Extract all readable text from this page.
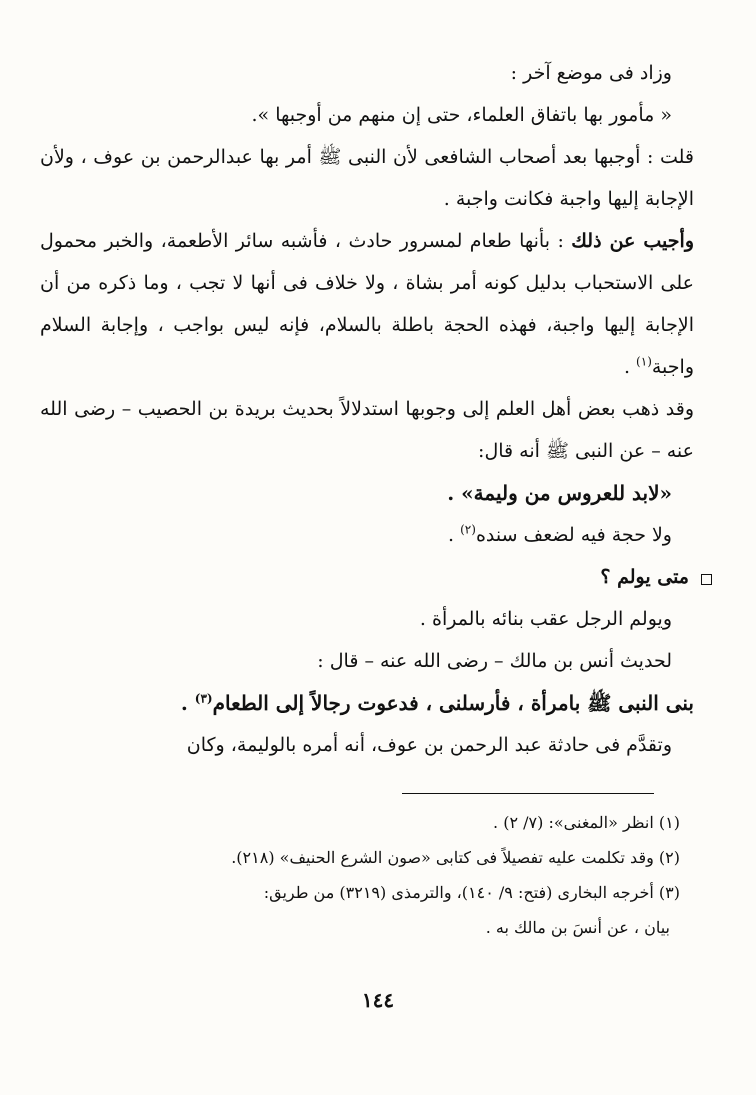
وزاد فى موضع آخر :

« مأمور بها باتفاق العلماء، حتى إن منهم من أوجبها ».

قلت : أوجبها بعد أصحاب الشافعى لأن النبى ﷺ أمر بها عبدالرحمن بن عوف ، ولأن الإجابة إليها واجبة فكانت واجبة .

وأجيب عن ذلك : بأنها طعام لمسرور حادث ، فأشبه سائر الأطعمة، والخبر محمول على الاستحباب بدليل كونه أمر بشاة ، ولا خلاف فى أنها لا تجب ، وما ذكره من أن الإجابة إليها واجبة، فهذه الحجة باطلة بالسلام، فإنه ليس بواجب ، وإجابة السلام واجبة$^{(١)}$ .

وقد ذهب بعض أهل العلم إلى وجوبها استدلالاً بحديث بريدة بن الحصيب – رضى الله عنه – عن النبى ﷺ أنه قال:

«لابد للعروس من وليمة» .

ولا حجة فيه لضعف سنده$^{(٢)}$ .

متى يولم ؟

ويولم الرجل عقب بنائه بالمرأة .

لحديث أنس بن مالك – رضى الله عنه – قال :

بنى النبى ﷺ بامرأة ، فأرسلنى ، فدعوت رجالاً إلى الطعام$^{(٣)}$ .

وتقدَّم فى حادثة عبد الرحمن بن عوف، أنه أمره بالوليمة، وكان

(١) انظر «المغنى»: (٧/ ٢) .

(٢) وقد تكلمت عليه تفصيلاً فى كتابى «صون الشرع الحنيف» (٢١٨).

(٣) أخرجه البخارى (فتح: ٩/ ١٤٠)، والترمذى (٣٢١٩) من طريق:

بيان ، عن أنسَ بن مالك به .

١٤٤
